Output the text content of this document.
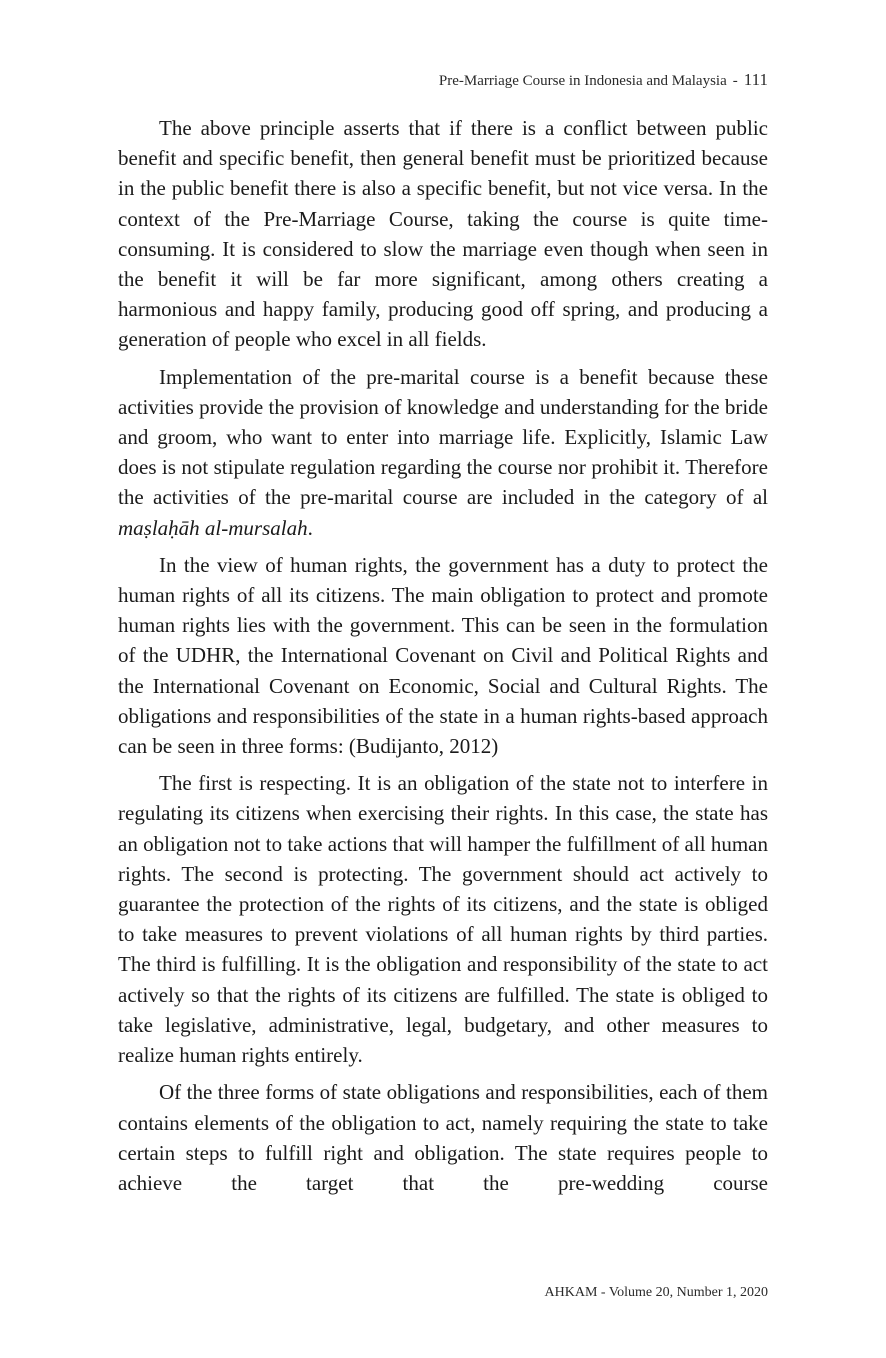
Pre-Marriage Course in Indonesia and Malaysia - 111

The above principle asserts that if there is a conflict between public benefit and specific benefit, then general benefit must be prioritized because in the public benefit there is also a specific benefit, but not vice versa. In the context of the Pre-Marriage Course, taking the course is quite time-consuming. It is considered to slow the marriage even though when seen in the benefit it will be far more significant, among others creating a harmonious and happy family, producing good off spring, and producing a generation of people who excel in all fields.

Implementation of the pre-marital course is a benefit because these activities provide the provision of knowledge and understanding for the bride and groom, who want to enter into marriage life. Explicitly, Islamic Law does is not stipulate regulation regarding the course nor prohibit it. Therefore the activities of the pre-marital course are included in the category of al maṣlaḥāh al-mursalah.

In the view of human rights, the government has a duty to protect the human rights of all its citizens. The main obligation to protect and promote human rights lies with the government. This can be seen in the formulation of the UDHR, the International Covenant on Civil and Political Rights and the International Covenant on Economic, Social and Cultural Rights. The obligations and responsibilities of the state in a human rights-based approach can be seen in three forms: (Budijanto, 2012)

The first is respecting. It is an obligation of the state not to interfere in regulating its citizens when exercising their rights. In this case, the state has an obligation not to take actions that will hamper the fulfillment of all human rights. The second is protecting. The government should act actively to guarantee the protection of the rights of its citizens, and the state is obliged to take measures to prevent violations of all human rights by third parties. The third is fulfilling. It is the obligation and responsibility of the state to act actively so that the rights of its citizens are fulfilled. The state is obliged to take legislative, administrative, legal, budgetary, and other measures to realize human rights entirely.

Of the three forms of state obligations and responsibilities, each of them contains elements of the obligation to act, namely requiring the state to take certain steps to fulfill right and obligation. The state requires people to achieve the target that the pre-wedding course

AHKAM - Volume 20, Number 1, 2020
